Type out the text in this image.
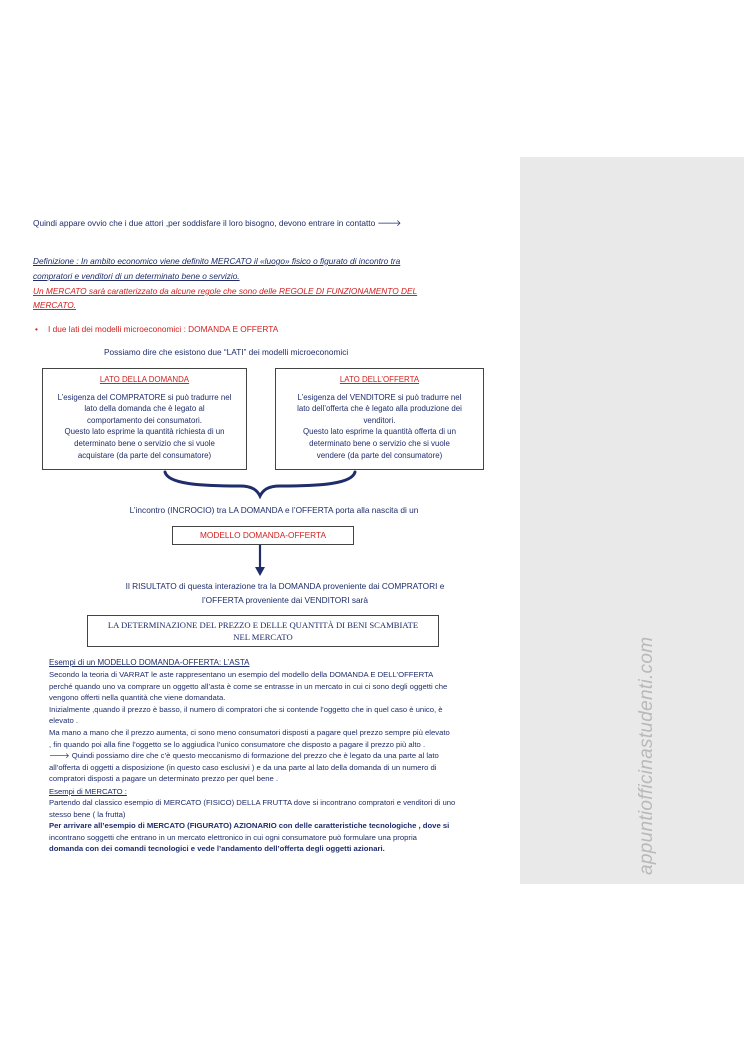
appuntiofficinastudenti.com
Quindi appare ovvio che i due attori ,per soddisfare il loro bisogno, devono entrare in contatto 🡒
Definizione : In ambito economico viene definito MERCATO il «luogo» fisico o figurato di incontro tra
compratori e venditori di un determinato bene o servizio.
Un MERCATO sarà caratterizzato da alcune regole che sono delle REGOLE DI FUNZIONAMENTO DEL
MERCATO.
• I due lati dei modelli microeconomici : DOMANDA E OFFERTA
Possiamo dire che esistono due “LATI” dei modelli microeconomici
LATO DELLA DOMANDA
L’esigenza del COMPRATORE si può tradurre nel
lato della domanda che è legato al
comportamento dei consumatori.
Questo lato esprime la quantità richiesta di un
determinato bene o servizio che si vuole
acquistare (da parte del consumatore)
LATO DELL’OFFERTA
L’esigenza del VENDITORE si può tradurre nel
lato dell’offerta che è legato alla produzione dei
venditori.
Questo lato esprime la quantità offerta di un
determinato bene o servizio che si vuole
vendere (da parte del consumatore)
L’incontro (INCROCIO) tra LA DOMANDA e l’OFFERTA porta alla nascita di un
MODELLO DOMANDA-OFFERTA
Il RISULTATO di questa interazione tra la DOMANDA proveniente dai COMPRATORI e
l’OFFERTA proveniente dai VENDITORI sarà
LA DETERMINAZIONE DEL PREZZO E DELLE QUANTITÀ DI BENI SCAMBIATE
NEL MERCATO
Esempi di un MODELLO DOMANDA-OFFERTA: L’ASTA
Secondo la teoria di VARRAT le aste rappresentano un esempio del modello della DOMANDA E DELL’OFFERTA
perché quando uno va comprare un oggetto all’asta è come se entrasse in un mercato in cui ci sono degli oggetti che
vengono offerti nella quantità che viene domandata.
Inizialmente ,quando il prezzo è basso, il numero di compratori che si contende l’oggetto che in quel caso è unico, è
elevato .
Ma mano a mano che il prezzo aumenta, ci sono meno consumatori disposti a pagare quel prezzo sempre più elevato
, fin quando poi alla fine l’oggetto se lo aggiudica l’unico consumatore che disposto a pagare il prezzo più alto .
🡒 Quindi possiamo dire che c’è questo meccanismo di formazione del prezzo che è legato da una parte al lato
all’offerta di oggetti a disposizione (in questo caso esclusivi ) e da una parte al lato della domanda di un numero di
compratori disposti a pagare un determinato prezzo per quel bene .
Esempi di MERCATO :
Partendo dal classico esempio di MERCATO (FISICO) DELLA FRUTTA dove si incontrano compratori e venditori di uno
stesso bene ( la frutta)
Per arrivare all’esempio di MERCATO (FIGURATO) AZIONARIO con delle caratteristiche tecnologiche , dove si
incontrano soggetti che entrano in un mercato elettronico in cui ogni consumatore può formulare una propria
domanda con dei comandi tecnologici e vede l’andamento dell’offerta degli oggetti azionari.
